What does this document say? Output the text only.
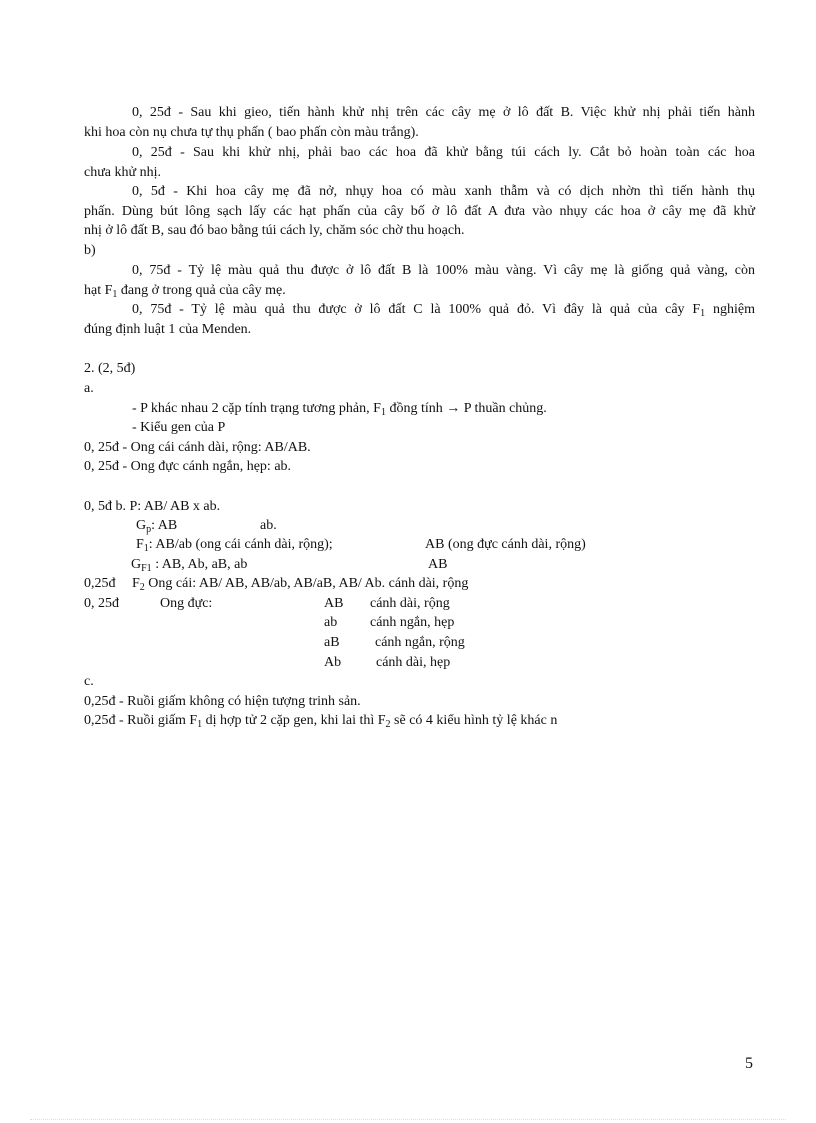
0, 25đ - Sau khi gieo, tiến hành khử nhị trên các cây mẹ ở lô đất B. Việc khử nhị phải tiến hành
khi hoa còn nụ chưa tự thụ phấn ( bao phấn còn màu trắng).
0, 25đ - Sau khi khử nhị, phải bao các hoa đã khử bằng túi cách ly. Cắt bỏ hoàn toàn các hoa
chưa khử nhị.
0, 5đ - Khi hoa cây mẹ đã nở, nhụy hoa có màu xanh thẫm và có dịch nhờn thì tiến hành thụ
phấn. Dùng bút lông sạch lấy các hạt phấn của cây bố ở lô đất A đưa vào nhụy các hoa ở cây mẹ đã khử
nhị ở lô đất B, sau đó bao bằng túi cách ly, chăm sóc chờ thu hoạch.
b)
0, 75đ - Tỷ lệ màu quả thu được ở lô đất B là 100% màu vàng. Vì cây mẹ là giống quả vàng, còn
hạt $F_1$ đang ở trong quả của cây mẹ.
0, 75đ - Tỷ lệ màu quả thu được ở lô đất C là 100% quả đỏ. Vì đây là quả của cây $F_1$ nghiệm
đúng định luật 1 của Menden.
2. (2, 5đ)
a.
- P khác nhau 2 cặp tính trạng tương phản, $F_1$ đồng tính → P thuần chủng.
- Kiểu gen của P
0, 25đ - Ong cái cánh dài, rộng: AB/AB.
0, 25đ - Ong đực cánh ngắn, hẹp: ab.
0, 5đ b. P: AB/ AB x ab.
$G_p$: AB	ab.
$F_1$: AB/ab (ong cái cánh dài, rộng);	AB (ong đực cánh dài, rộng)
$G_{F1}$ : AB, Ab, aB, ab	AB
0,25đ $F_2$ Ong cái: AB/ AB, AB/ab, AB/aB, AB/ Ab. cánh dài, rộng
0, 25đ	Ong đực:	AB cánh dài, rộng
ab cánh ngắn, hẹp
aB	cánh ngắn, rộng
Ab cánh dài, hẹp
c.
0,25đ - Ruồi giấm không có hiện tượng trinh sản.
0,25đ - Ruồi giấm $F_1$ dị hợp tử 2 cặp gen, khi lai thì $F_2$ sẽ có 4 kiểu hình tỷ lệ khác n
5
